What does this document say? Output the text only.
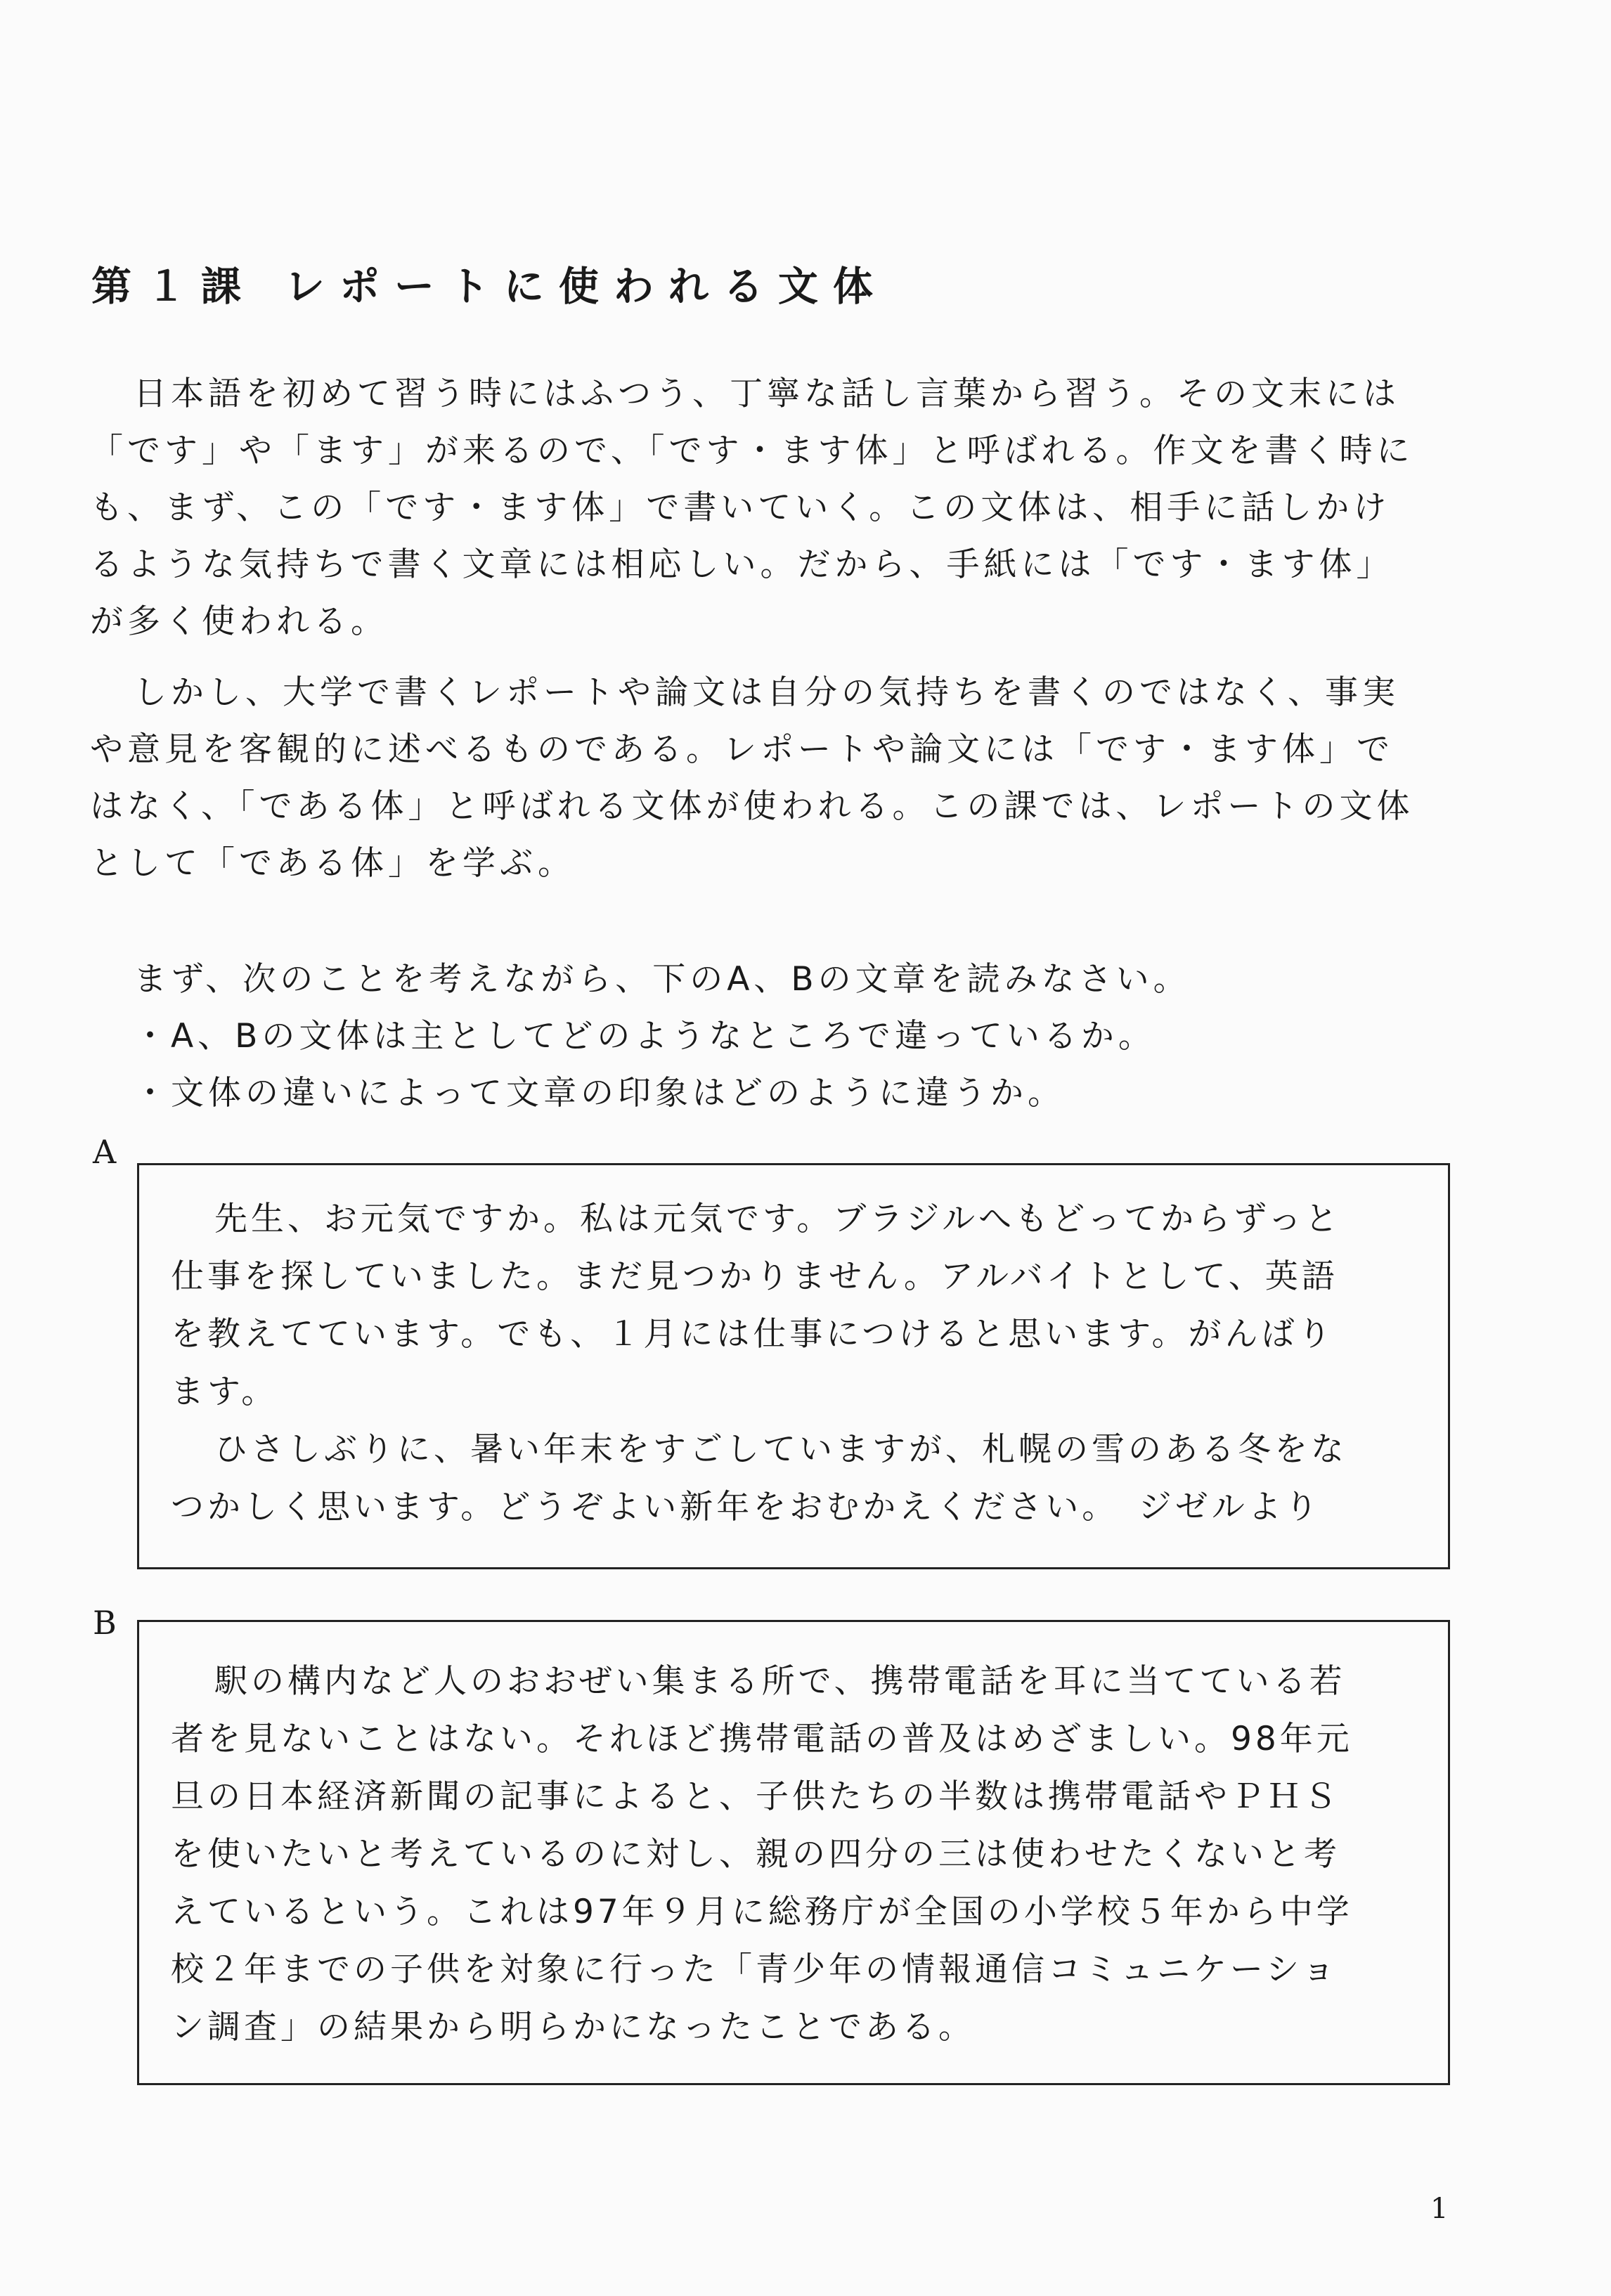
第１課 レポートに使われる文体
日本語を初めて習う時にはふつう、丁寧な話し言葉から習う。その文末には
「です」や「ます」が来るので、「です・ます体」と呼ばれる。作文を書く時に
も、まず、この「です・ます体」で書いていく。この文体は、相手に話しかけ
るような気持ちで書く文章には相応しい。だから、手紙には「です・ます体」
が多く使われる。
しかし、大学で書くレポートや論文は自分の気持ちを書くのではなく、事実
や意見を客観的に述べるものである。レポートや論文には「です・ます体」で
はなく、「である体」と呼ばれる文体が使われる。この課では、レポートの文体
として「である体」を学ぶ。
まず、次のことを考えながら、下のA、Bの文章を読みなさい。
・A、Bの文体は主としてどのようなところで違っているか。
・文体の違いによって文章の印象はどのように違うか。
A
先生、お元気ですか。私は元気です。ブラジルへもどってからずっと
仕事を探していました。まだ見つかりません。アルバイトとして、英語
を教えてています。でも、１月には仕事につけると思います。がんばり
ます。
ひさしぶりに、暑い年末をすごしていますが、札幌の雪のある冬をな
つかしく思います。どうぞよい新年をおむかえください。　ジゼルより
B
駅の構内など人のおおぜい集まる所で、携帯電話を耳に当てている若
者を見ないことはない。それほど携帯電話の普及はめざましい。98年元
旦の日本経済新聞の記事によると、子供たちの半数は携帯電話やＰＨＳ
を使いたいと考えているのに対し、親の四分の三は使わせたくないと考
えているという。これは97年９月に総務庁が全国の小学校５年から中学
校２年までの子供を対象に行った「青少年の情報通信コミュニケーショ
ン調査」の結果から明らかになったことである。
1
